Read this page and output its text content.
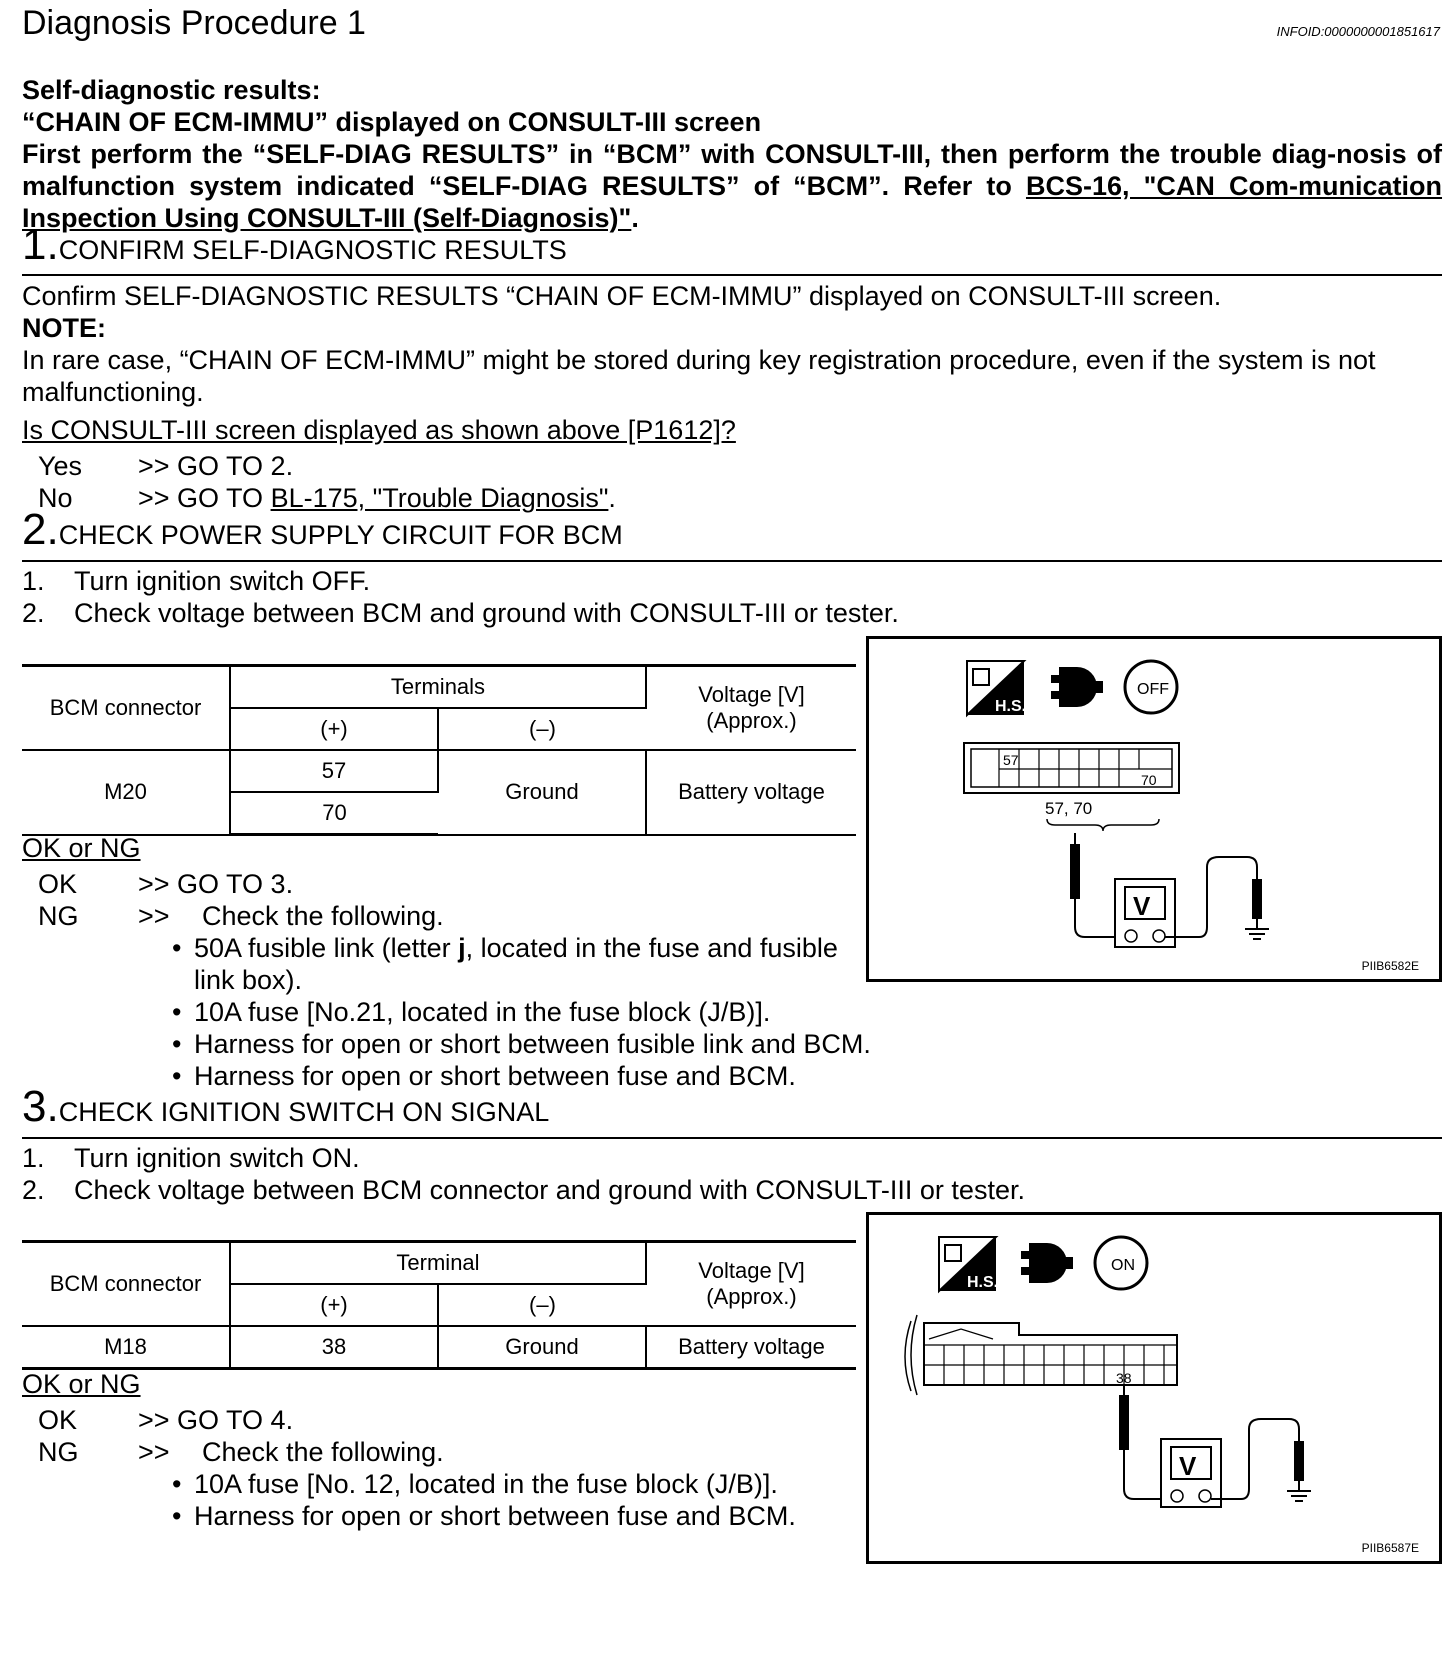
Diagnosis Procedure 1	INFOID:0000000001851617
Self-diagnostic results:
“CHAIN OF ECM-IMMU” displayed on CONSULT-III screen
First perform the “SELF-DIAG RESULTS” in “BCM” with CONSULT-III, then perform the trouble diag-nosis of malfunction system indicated “SELF-DIAG RESULTS” of “BCM”. Refer to BCS-16, "CAN Com-munication Inspection Using CONSULT-III (Self-Diagnosis)".
1.CONFIRM SELF-DIAGNOSTIC RESULTS
Confirm SELF-DIAGNOSTIC RESULTS “CHAIN OF ECM-IMMU” displayed on CONSULT-III screen.
NOTE:
In rare case, “CHAIN OF ECM-IMMU” might be stored during key registration procedure, even if the system is not malfunctioning.
Is CONSULT-III screen displayed as shown above [P1612]?
Yes >> GO TO 2.
No >> GO TO BL-175, "Trouble Diagnosis".
2.CHECK POWER SUPPLY CIRCUIT FOR BCM
1. Turn ignition switch OFF.
2. Check voltage between BCM and ground with CONSULT-III or tester.
BCM connector	Terminals		Voltage [V]
(Approx.)

	(+)	(–)	
M20	57	Ground	Battery voltage
	70		
OK or NG
OK >> GO TO 3.
NG >> Check the following.
• 50A fusible link (letter j, located in the fuse and fusible
link box).
• 10A fuse [No.21, located in the fuse block (J/B)].
• Harness for open or short between fusible link and BCM.
• Harness for open or short between fuse and BCM.
H.S.
OFF
57
70
57, 70
V
PIIB6582E
3.CHECK IGNITION SWITCH ON SIGNAL
1. Turn ignition switch ON.
2. Check voltage between BCM connector and ground with CONSULT-III or tester.
BCM connector	Terminal		Voltage [V]
(Approx.)

	(+)	(–)	
M18	38	Ground	Battery voltage
OK or NG
OK >> GO TO 4.
NG >> Check the following.
• 10A fuse [No. 12, located in the fuse block (J/B)].
• Harness for open or short between fuse and BCM.
H.S.
ON
38
V
PIIB6587E
